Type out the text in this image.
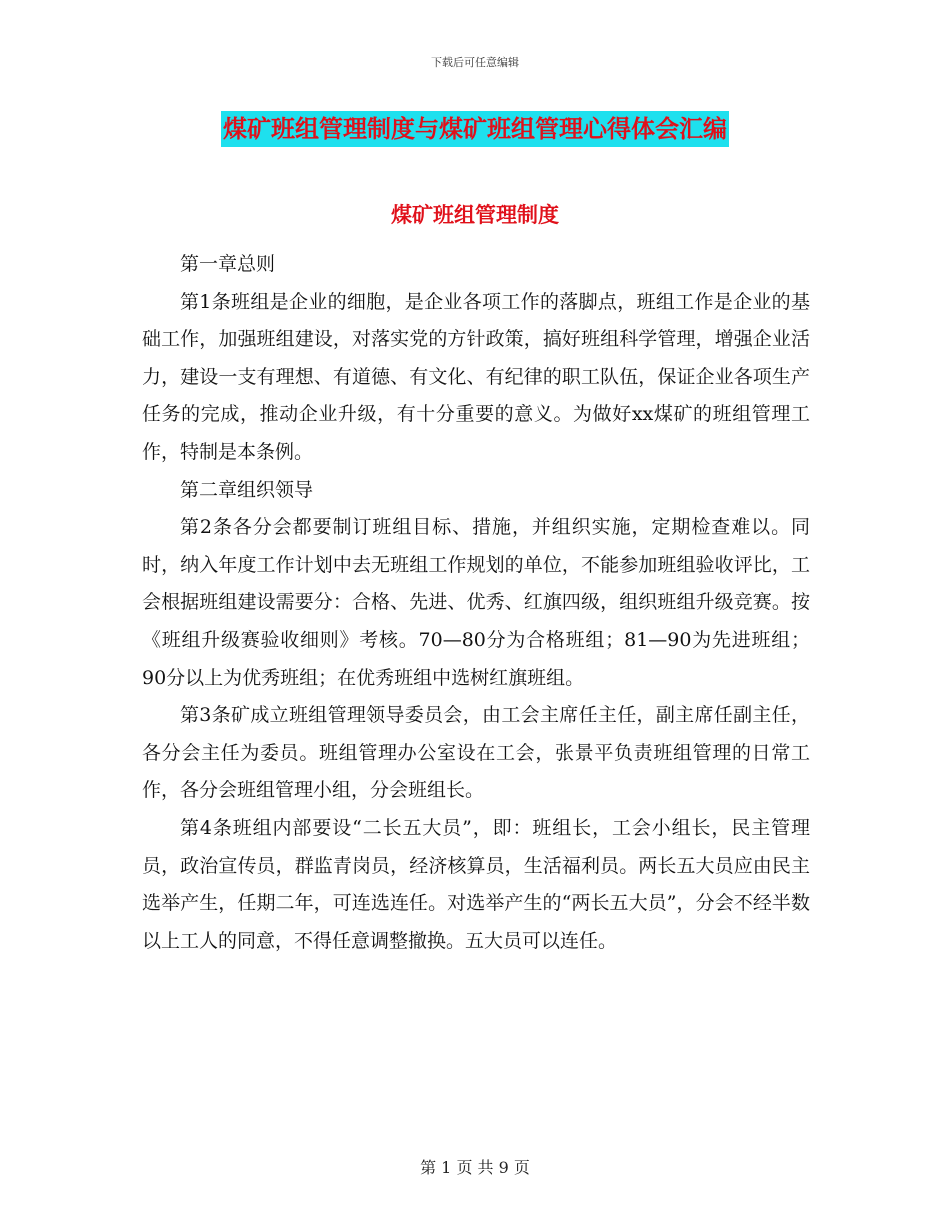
下载后可任意编辑
煤矿班组管理制度与煤矿班组管理心得体会汇编
煤矿班组管理制度

第一章总则

第1条班组是企业的细胞，是企业各项工作的落脚点，班组工作是企业的基础工作，加强班组建设，对落实党的方针政策，搞好班组科学管理，增强企业活力，建设一支有理想、有道德、有文化、有纪律的职工队伍，保证企业各项生产任务的完成，推动企业升级，有十分重要的意义。为做好xx煤矿的班组管理工作，特制是本条例。

第二章组织领导

第2条各分会都要制订班组目标、措施，并组织实施，定期检查难以。同时，纳入年度工作计划中去无班组工作规划的单位，不能参加班组验收评比，工会根据班组建设需要分：合格、先进、优秀、红旗四级，组织班组升级竞赛。按《班组升级赛验收细则》考核。70—80分为合格班组；81—90为先进班组；90分以上为优秀班组；在优秀班组中选树红旗班组。

第3条矿成立班组管理领导委员会，由工会主席任主任，副主席任副主任，各分会主任为委员。班组管理办公室设在工会，张景平负责班组管理的日常工作，各分会班组管理小组，分会班组长。

第4条班组内部要设“二长五大员”，即：班组长，工会小组长，民主管理员，政治宣传员，群监青岗员，经济核算员，生活福利员。两长五大员应由民主选举产生，任期二年，可连选连任。对选举产生的“两长五大员”，分会不经半数以上工人的同意，不得任意调整撤换。五大员可以连任。

第 1 页 共 9 页
